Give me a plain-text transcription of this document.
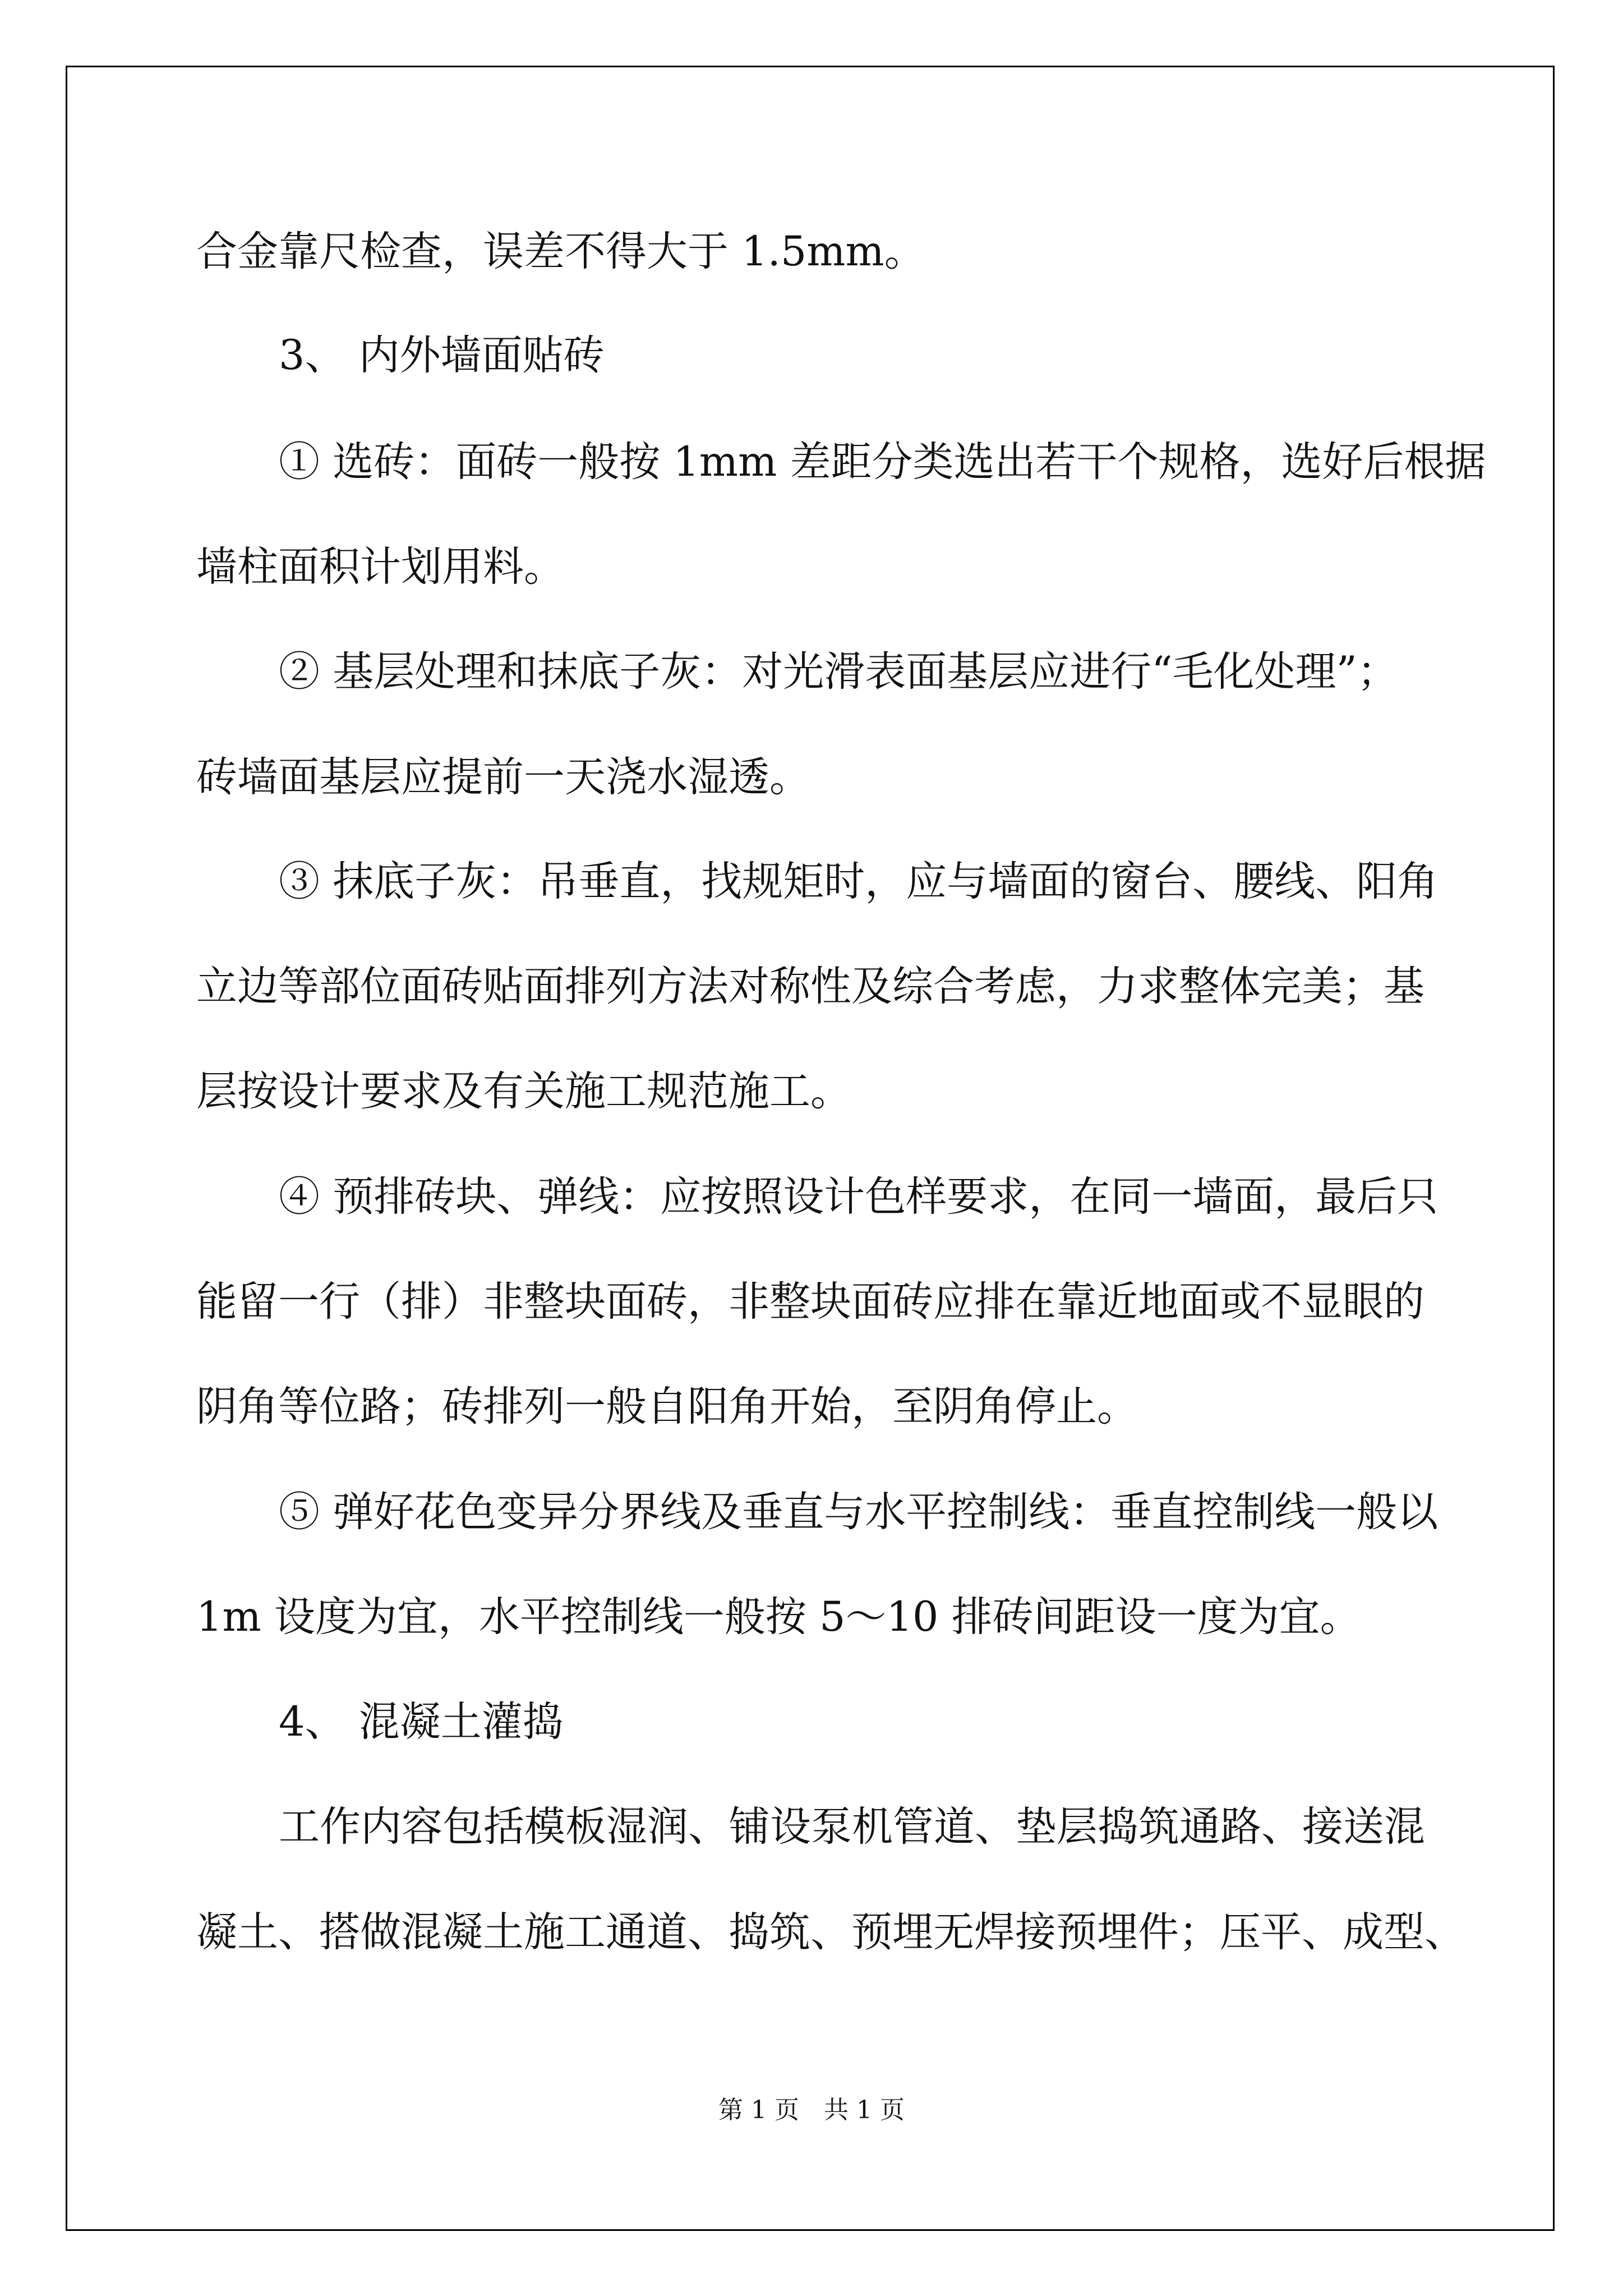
合金靠尺检查，误差不得大于 1.5mm。

3、 内外墙面贴砖

① 选砖：面砖一般按 1mm 差距分类选出若干个规格，选好后根据

墙柱面积计划用料。

② 基层处理和抹底子灰：对光滑表面基层应进行“毛化处理”；

砖墙面基层应提前一天浇水湿透。

③ 抹底子灰：吊垂直，找规矩时，应与墙面的窗台、腰线、阳角

立边等部位面砖贴面排列方法对称性及综合考虑，力求整体完美；基

层按设计要求及有关施工规范施工。

④ 预排砖块、弹线：应按照设计色样要求，在同一墙面，最后只

能留一行（排）非整块面砖，非整块面砖应排在靠近地面或不显眼的

阴角等位路；砖排列一般自阳角开始，至阴角停止。

⑤ 弹好花色变异分界线及垂直与水平控制线：垂直控制线一般以

1m 设度为宜，水平控制线一般按 5～10 排砖间距设一度为宜。

4、 混凝土灌捣

工作内容包括模板湿润、铺设泵机管道、垫层捣筑通路、接送混

凝土、搭做混凝土施工通道、捣筑、预埋无焊接预埋件；压平、成型、

第 1 页　共 1 页
